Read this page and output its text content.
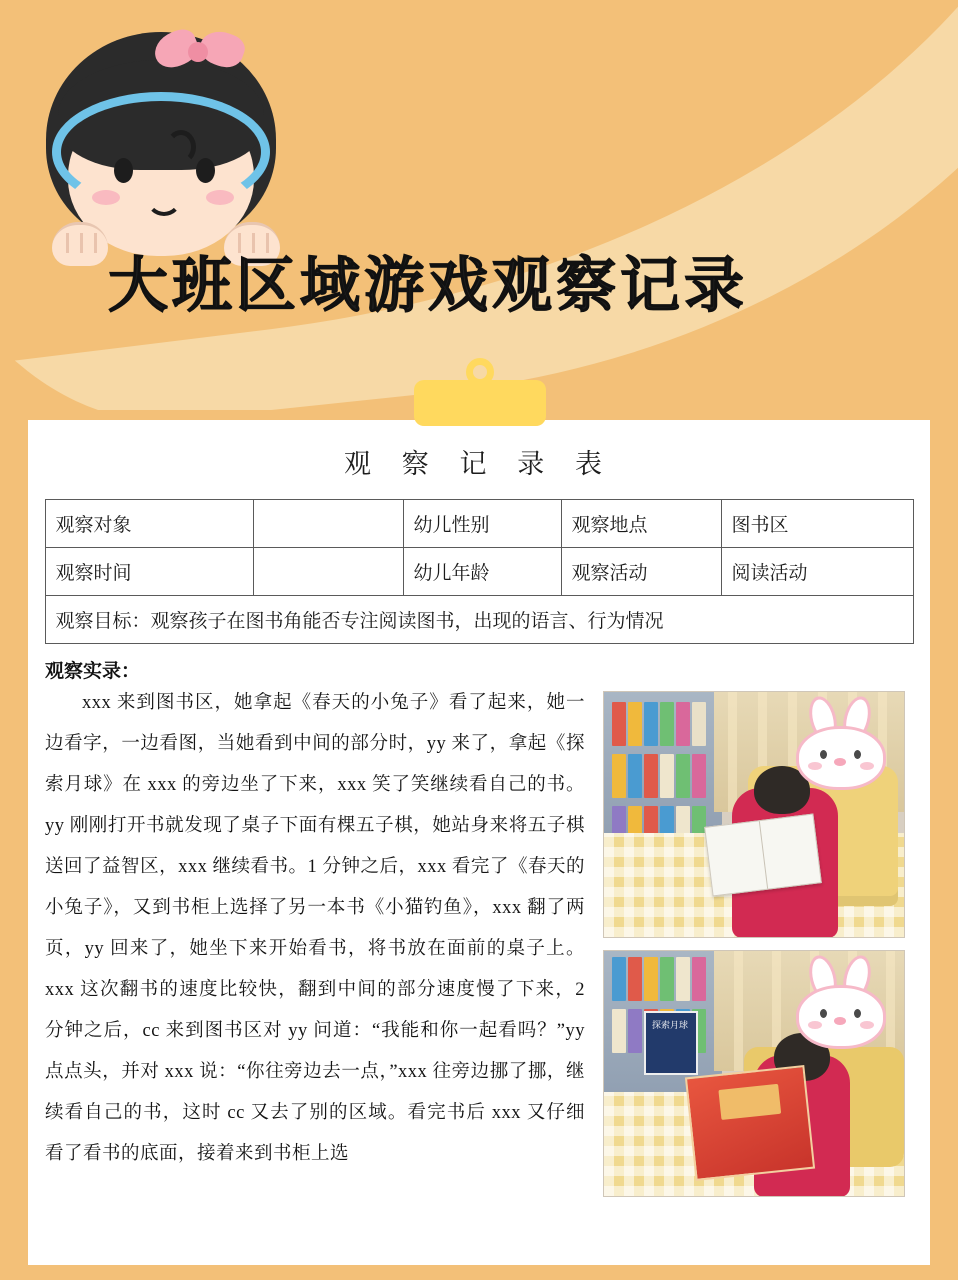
大班区域游戏观察记录
观 察 记 录 表
观察对象		幼儿性别	观察地点	图书区
观察时间		幼儿年龄	观察活动	阅读活动
观察目标：观察孩子在图书角能否专注阅读图书，出现的语言、行为情况				
观察实录：
xxx 来到图书区，她拿起《春天的小兔子》看了起来，她一边看字，一边看图，当她看到中间的部分时，yy 来了，拿起《探索月球》在 xxx 的旁边坐了下来，xxx 笑了笑继续看自己的书。yy 刚刚打开书就发现了桌子下面有棵五子棋，她站身来将五子棋送回了益智区，xxx 继续看书。1 分钟之后，xxx 看完了《春天的小兔子》，又到书柜上选择了另一本书《小猫钓鱼》，xxx 翻了两页，yy 回来了，她坐下来开始看书，将书放在面前的桌子上。xxx 这次翻书的速度比较快，翻到中间的部分速度慢了下来，2 分钟之后，cc 来到图书区对 yy 问道：“我能和你一起看吗？”yy 点点头，并对 xxx 说：“你往旁边去一点，”xxx 往旁边挪了挪，继续看自己的书，这时 cc 又去了别的区域。看完书后 xxx 又仔细看了看书的底面，接着来到书柜上选
探索月球
